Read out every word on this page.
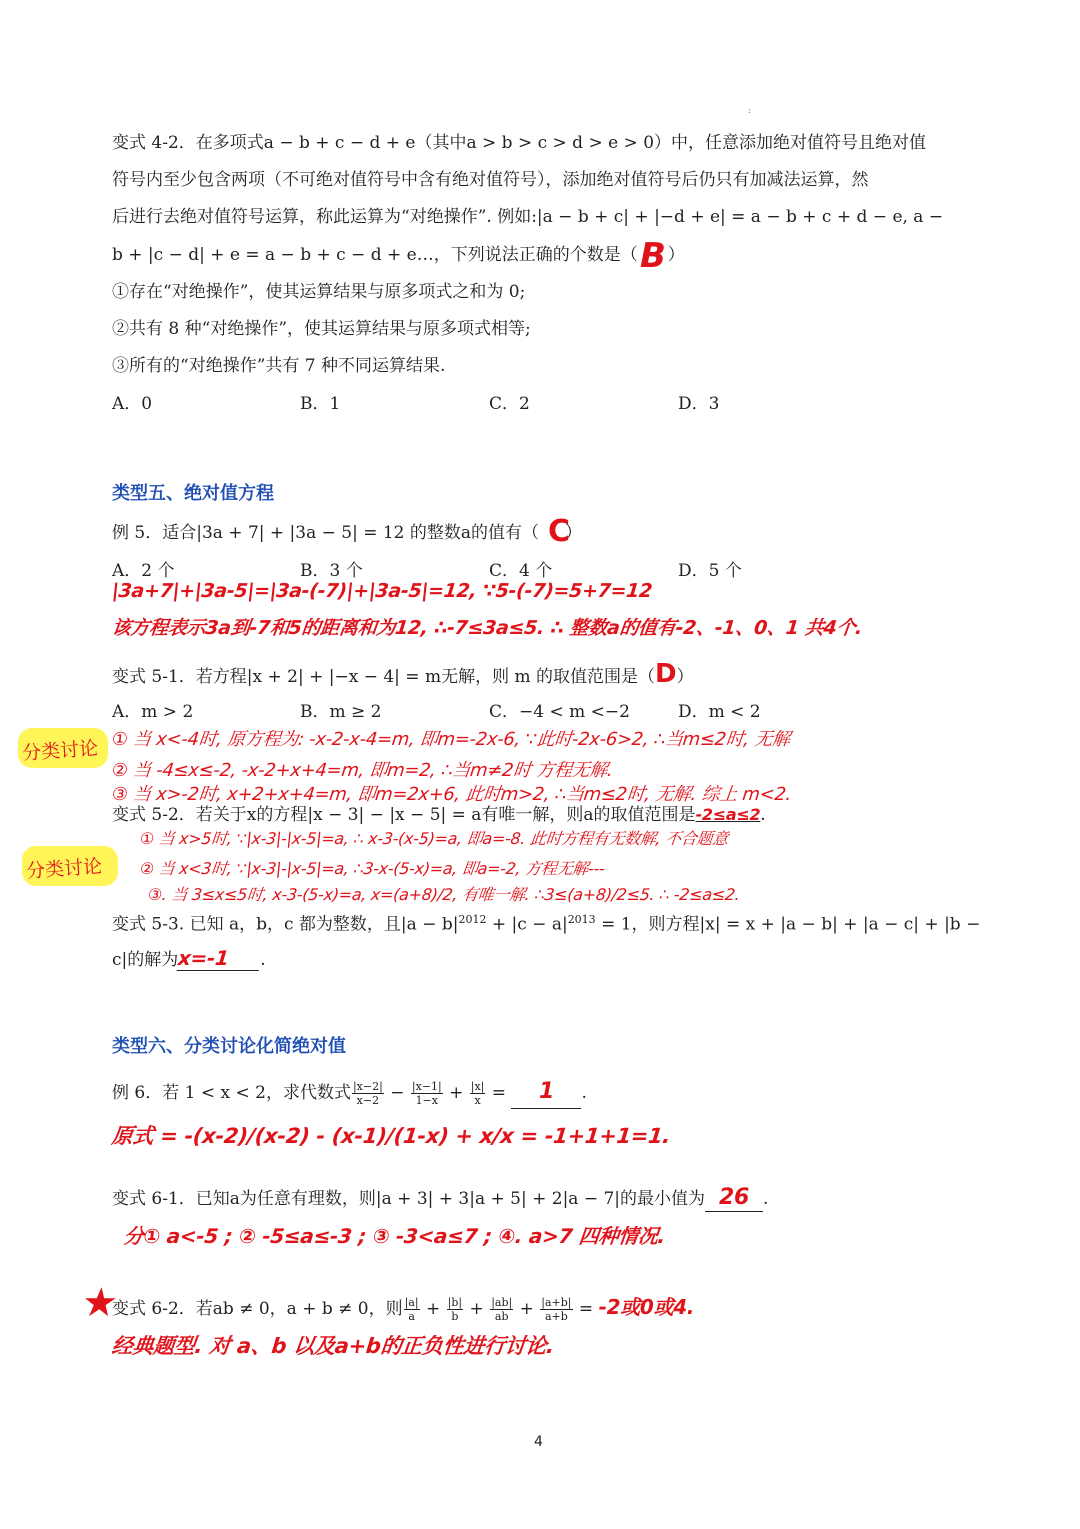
:
变式 4-2．在多项式a − b + c − d + e（其中a > b > c > d > e > 0）中，任意添加绝对值符号且绝对值
符号内至少包含两项（不可绝对值符号中含有绝对值符号），添加绝对值符号后仍只有加减法运算，然
后进行去绝对值符号运算，称此运算为“对绝操作”. 例如:|a − b + c| + |−d + e| = a − b + c + d − e, a −
b + |c − d| + e = a − b + c − d + e…，下列说法正确的个数是（ ）
B
①存在“对绝操作”，使其运算结果与原多项式之和为 0;
②共有 8 种“对绝操作”，使其运算结果与原多项式相等;
③所有的“对绝操作”共有 7 种不同运算结果.
A．0	B．1	C．2	D．3
类型五、绝对值方程
例 5．适合|3a + 7| + |3a − 5| = 12 的整数a的值有（ ）
C
A．2 个	B．3 个	C．4 个	D．5 个
|3a+7|+|3a-5|=|3a-(-7)|+|3a-5|=12, ∵5-(-7)=5+7=12
该方程表示3a到-7和5的距离和为12, ∴-7≤3a≤5. ∴ 整数a的值有-2、-1、0、1 共4个.
变式 5-1．若方程|x + 2| + |−x − 4| = m无解，则 m 的取值范围是（D）
A．m > 2	B．m ≥ 2	C．−4 < m <−2	D．m < 2
分类讨论 ① 当 x<-4时, 原方程为: -x-2-x-4=m, 即m=-2x-6, ∵此时-2x-6>2, ∴当m≤2时, 无解
② 当 -4≤x≤-2, -x-2+x+4=m, 即m=2, ∴当m≠2时 方程无解.
③ 当 x>-2时, x+2+x+4=m, 即m=2x+6, 此时m>2, ∴当m≤2时, 无解. 综上 m<2.
变式 5-2．若关于x的方程|x − 3| − |x − 5| = a有唯一解，则a的取值范围是-2≤a≤2.
① 当 x>5时, ∵|x-3|-|x-5|=a, ∴ x-3-(x-5)=a, 即a=-8. 此时方程有无数解, 不合题意
分类讨论 ② 当 x<3时, ∵|x-3|-|x-5|=a, ∴3-x-(5-x)=a, 即a=-2, 方程无解---
③. 当 3≤x≤5时, x-3-(5-x)=a, x=(a+8)/2, 有唯一解. ∴3≤(a+8)/2≤5. ∴ -2≤a≤2.
变式 5-3. 已知 a，b，c 都为整数，且$|a - b|^{2012} + |c - a|^{2013} = 1$，则方程|x| = x + |a − b| + |a − c| + |b −
c|的解为x=-1 .
类型六、分类讨论化简绝对值
例 6．若 1 < x < 2，求代数式 $\frac{|x-2|}{x-2} - \frac{|x-1|}{1-x} + \frac{|x|}{x} = 1$ .
原式 = -(x-2)/(x-2) - (x-1)/(1-x) + x/x = -1+1+1=1.
变式 6-1．已知a为任意有理数，则|a + 3| + 3|a + 5| + 2|a − 7|的最小值为 26 .
分① a<-5 ; ② -5≤a≤-3 ; ③ -3<a≤7 ; ④. a>7 四种情况.
★
变式 6-2．若ab ≠ 0，a + b ≠ 0，则 $\frac{|a|}{a} + \frac{|b|}{b} + \frac{|ab|}{ab} + \frac{|a+b|}{a+b} = -2$或0或4.
经典题型. 对 a、b 以及a+b的正负性进行讨论.
4
